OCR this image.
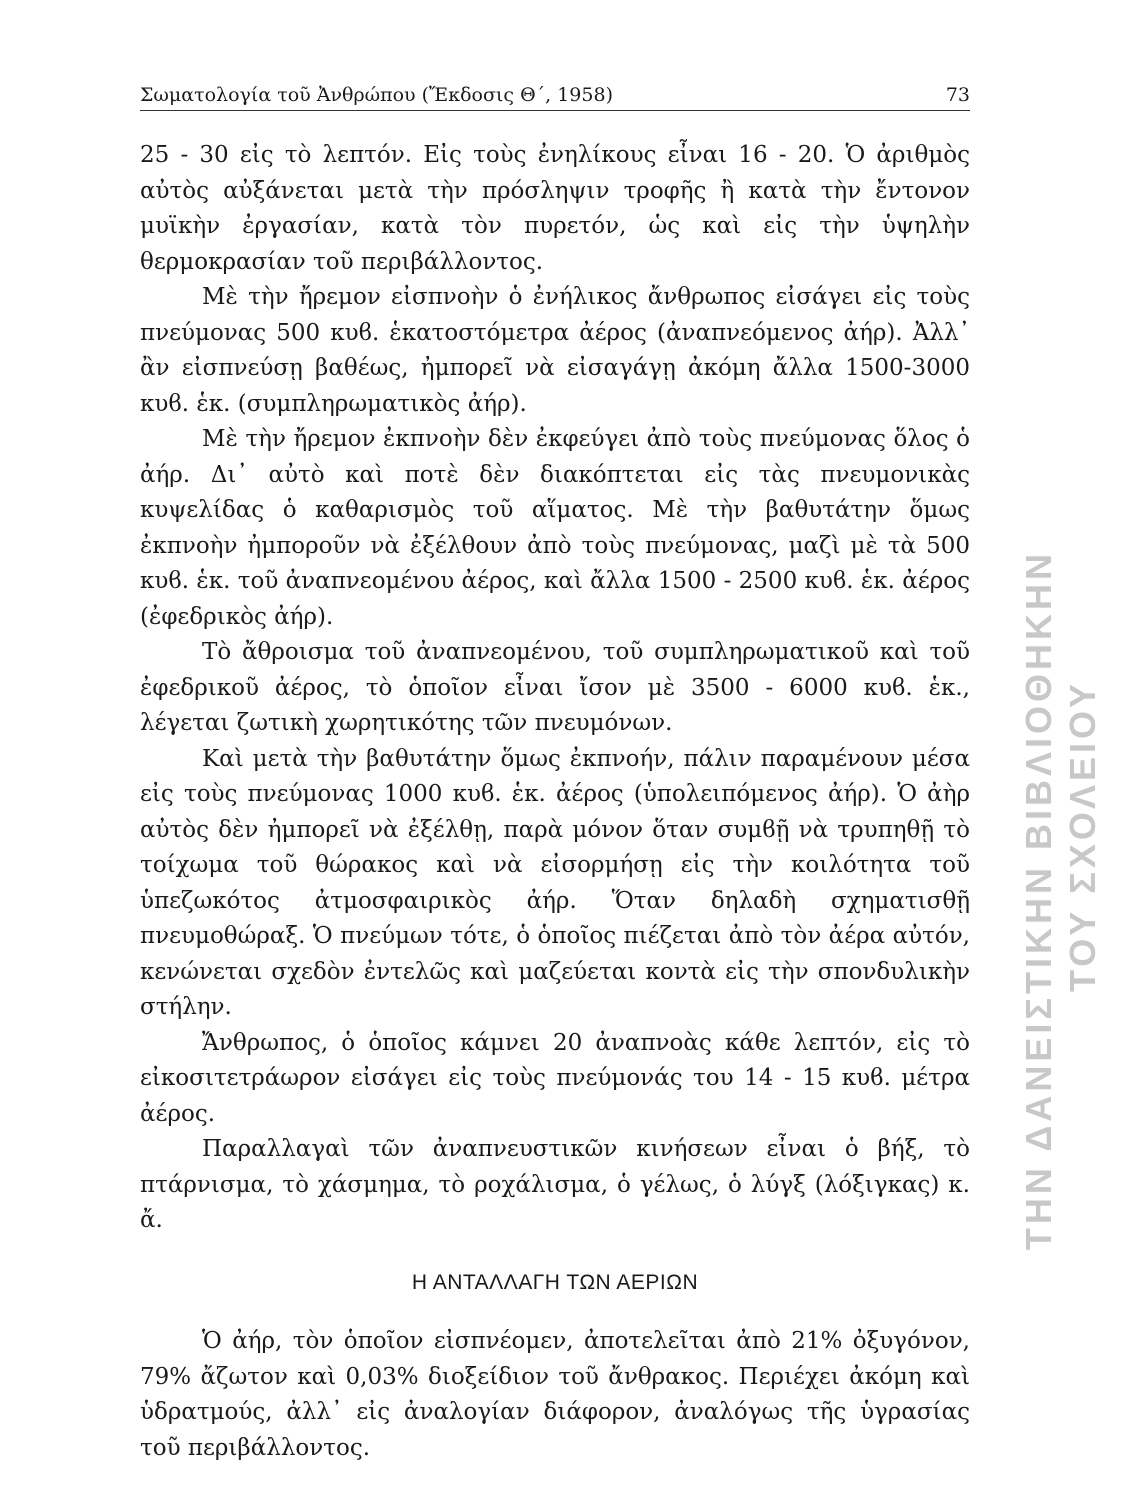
Σωματολογία τοῦ Ἀνθρώπου (Ἔκδοσις Θ΄, 1958)	73

25 - 30 εἰς τὸ λεπτόν. Εἰς τοὺς ἐνηλίκους εἶναι 16 - 20. Ὁ ἀριθμὸς αὐτὸς αὐξάνεται μετὰ τὴν πρόσληψιν τροφῆς ἢ κατὰ τὴν ἔντονον μυϊκὴν ἐργασίαν, κατὰ τὸν πυρετόν, ὡς καὶ εἰς τὴν ὑψηλὴν θερμοκρασίαν τοῦ περιβάλλοντος.

Μὲ τὴν ἤρεμον εἰσπνοὴν ὁ ἐνήλικος ἄνθρωπος εἰσάγει εἰς τοὺς πνεύμονας 500 κυϐ. ἑκατοστόμετρα ἀέρος (ἀναπνεόμενος ἀήρ). Ἀλλ᾽ ἂν εἰσπνεύσῃ βαθέως, ἠμπορεῖ νὰ εἰσαγάγῃ ἀκόμη ἄλλα 1500-3000 κυϐ. ἑκ. (συμπληρωματικὸς ἀήρ).

Μὲ τὴν ἤρεμον ἐκπνοὴν δὲν ἐκφεύγει ἀπὸ τοὺς πνεύμονας ὅλος ὁ ἀήρ. Δι᾽ αὐτὸ καὶ ποτὲ δὲν διακόπτεται εἰς τὰς πνευμονικὰς κυψελίδας ὁ καθαρισμὸς τοῦ αἵματος. Μὲ τὴν βαθυτάτην ὅμως ἐκπνοὴν ἠμποροῦν νὰ ἐξέλθουν ἀπὸ τοὺς πνεύμονας, μαζὶ μὲ τὰ 500 κυϐ. ἑκ. τοῦ ἀναπνεομένου ἀέρος, καὶ ἄλλα 1500 - 2500 κυϐ. ἑκ. ἀέρος (ἐφεδρικὸς ἀήρ).

Τὸ ἄθροισμα τοῦ ἀναπνεομένου, τοῦ συμπληρωματικοῦ καὶ τοῦ ἐφεδρικοῦ ἀέρος, τὸ ὁποῖον εἶναι ἴσον μὲ 3500 - 6000 κυϐ. ἑκ., λέγεται ζωτικὴ χωρητικότης τῶν πνευμόνων.

Καὶ μετὰ τὴν βαθυτάτην ὅμως ἐκπνοήν, πάλιν παραμένουν μέσα εἰς τοὺς πνεύμονας 1000 κυϐ. ἑκ. ἀέρος (ὑπολειπόμενος ἀήρ). Ὁ ἀὴρ αὐτὸς δὲν ἠμπορεῖ νὰ ἐξέλθῃ, παρὰ μόνον ὅταν συμϐῇ νὰ τρυπηθῇ τὸ τοίχωμα τοῦ θώρακος καὶ νὰ εἰσορμήσῃ εἰς τὴν κοιλότητα τοῦ ὑπεζωκότος ἀτμοσφαιρικὸς ἀήρ. Ὅταν δηλαδὴ σχηματισθῇ πνευμοθώραξ. Ὁ πνεύμων τότε, ὁ ὁποῖος πιέζεται ἀπὸ τὸν ἀέρα αὐτόν, κενώνεται σχεδὸν ἐντελῶς καὶ μαζεύεται κοντὰ εἰς τὴν σπονδυλικὴν στήλην.

Ἄνθρωπος, ὁ ὁποῖος κάμνει 20 ἀναπνοὰς κάθε λεπτόν, εἰς τὸ εἰκοσιτετράωρον εἰσάγει εἰς τοὺς πνεύμονάς του 14 - 15 κυϐ. μέτρα ἀέρος.

Παραλλαγαὶ τῶν ἀναπνευστικῶν κινήσεων εἶναι ὁ βήξ, τὸ πτάρνισμα, τὸ χάσμημα, τὸ ροχάλισμα, ὁ γέλως, ὁ λύγξ (λόξιγκας) κ. ἄ.

Η ΑΝΤΑΛΛΑΓΗ ΤΩΝ ΑΕΡΙΩΝ

Ὁ ἀήρ, τὸν ὁποῖον εἰσπνέομεν, ἀποτελεῖται ἀπὸ 21% ὀξυγόνον, 79% ἄζωτον καὶ 0,03% διοξείδιον τοῦ ἄνθρακος. Περιέχει ἀκόμη καὶ ὑδρατμούς, ἀλλ᾽ εἰς ἀναλογίαν διάφορον, ἀναλόγως τῆς ὑγρασίας τοῦ περιβάλλοντος.

ΤΗΝ ΔΑΝΕΙΣΤΙΚΗΝ ΒΙΒΛΙΟΘΗΚΗΝ ΤΟΥ ΣΧΟΛΕΙΟΥ
